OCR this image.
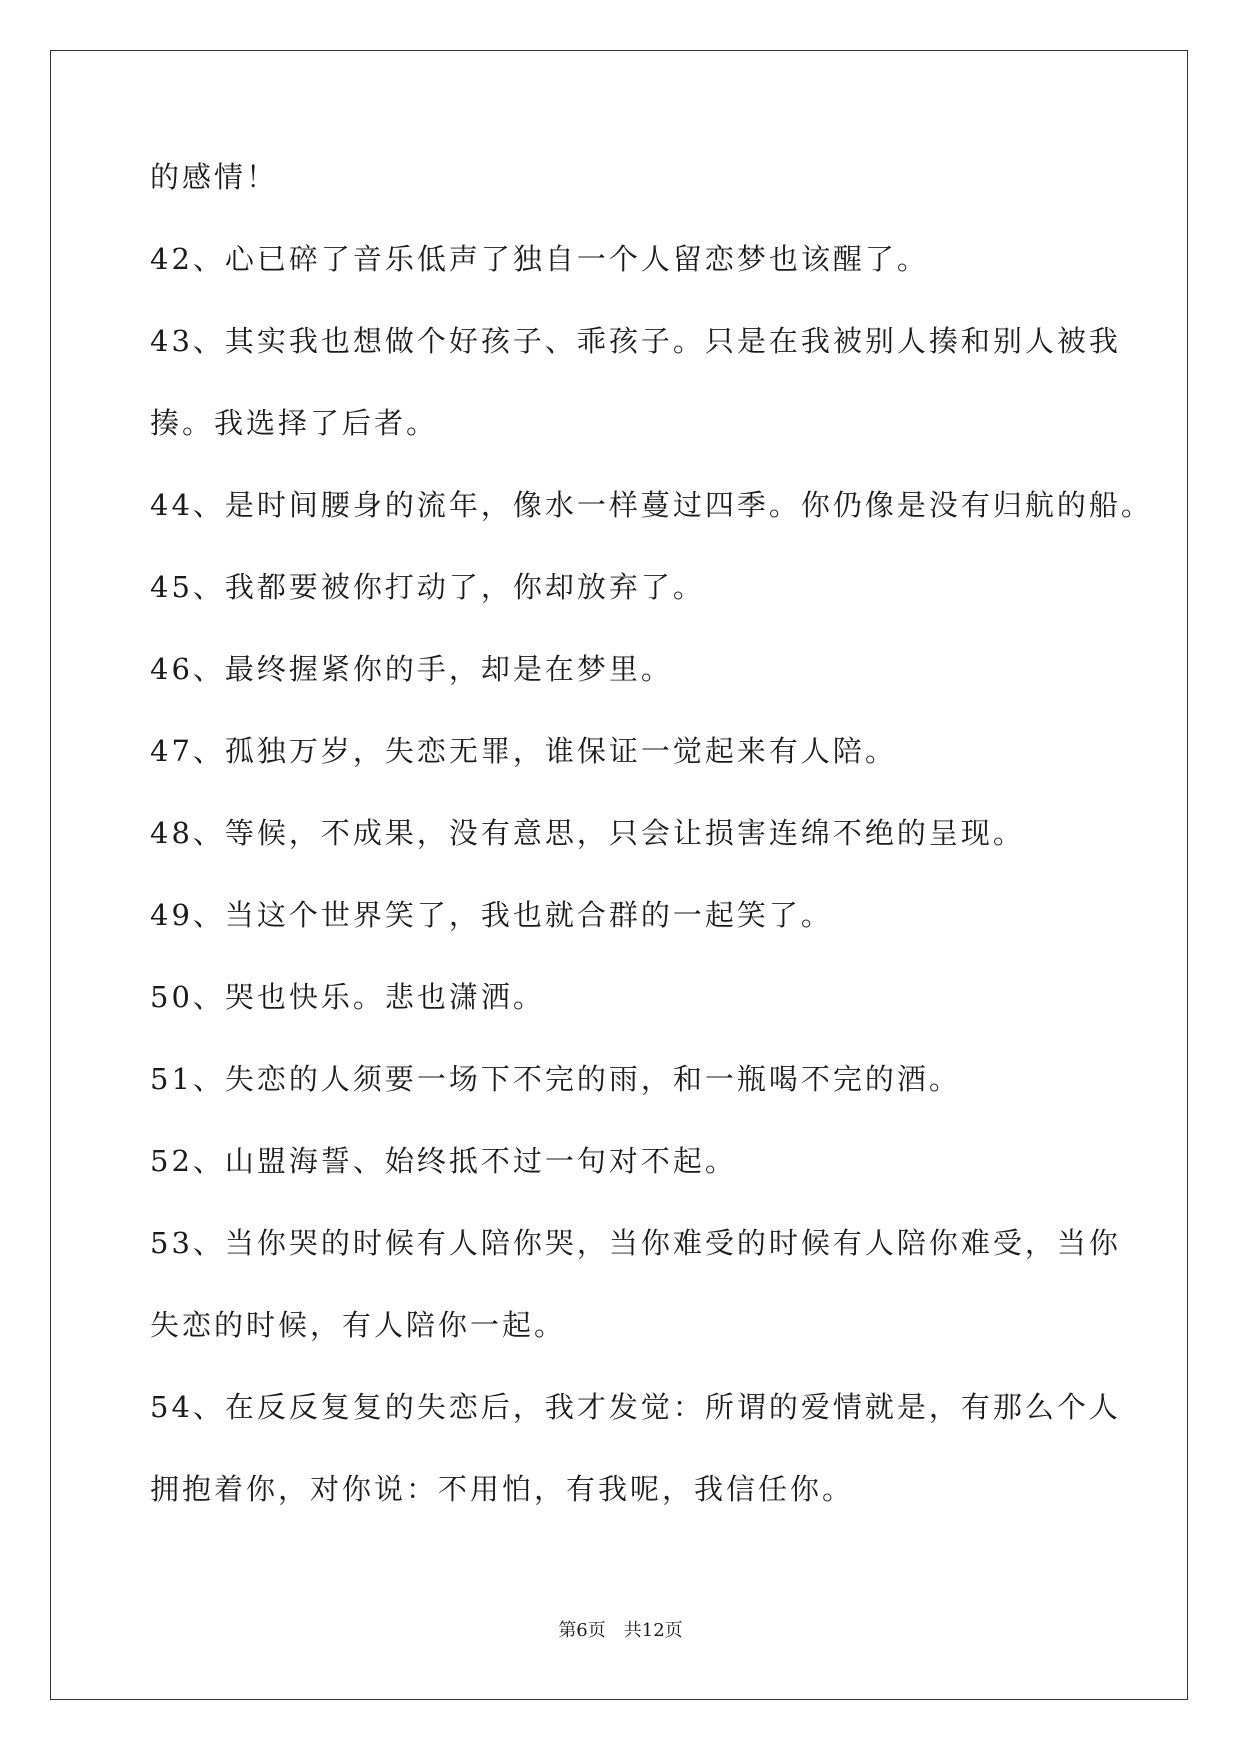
的感情！
42、心已碎了音乐低声了独自一个人留恋梦也该醒了。
43、其实我也想做个好孩子、乖孩子。只是在我被别人揍和别人被我
揍。我选择了后者。
44、是时间腰身的流年，像水一样蔓过四季。你仍像是没有归航的船。
45、我都要被你打动了，你却放弃了。
46、最终握紧你的手，却是在梦里。
47、孤独万岁，失恋无罪，谁保证一觉起来有人陪。
48、等候，不成果，没有意思，只会让损害连绵不绝的呈现。
49、当这个世界笑了，我也就合群的一起笑了。
50、哭也快乐。悲也潇洒。
51、失恋的人须要一场下不完的雨，和一瓶喝不完的酒。
52、山盟海誓、始终抵不过一句对不起。
53、当你哭的时候有人陪你哭，当你难受的时候有人陪你难受，当你
失恋的时候，有人陪你一起。
54、在反反复复的失恋后，我才发觉：所谓的爱情就是，有那么个人
拥抱着你，对你说：不用怕，有我呢，我信任你。
第6页 共12页
